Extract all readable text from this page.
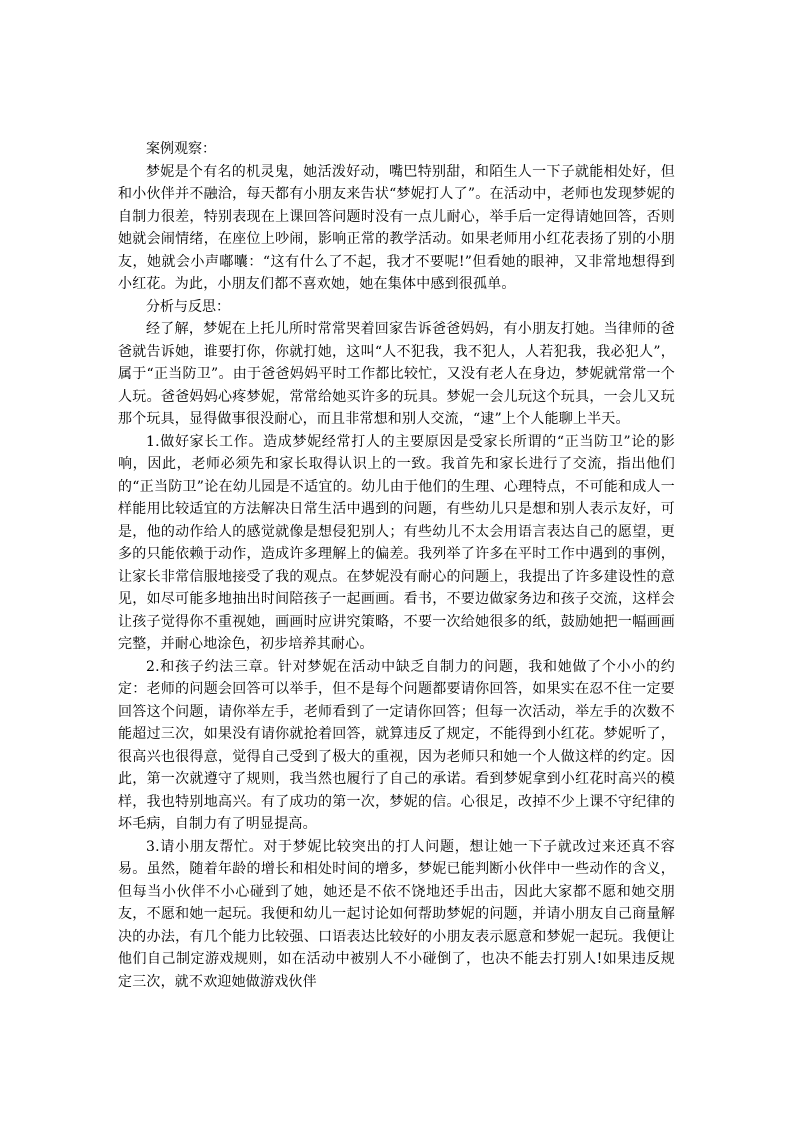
案例观察：

梦妮是个有名的机灵鬼，她活泼好动，嘴巴特别甜，和陌生人一下子就能相处好，但和小伙伴并不融洽，每天都有小朋友来告状“梦妮打人了”。在活动中，老师也发现梦妮的自制力很差，特别表现在上课回答问题时没有一点儿耐心，举手后一定得请她回答，否则她就会闹情绪，在座位上吵闹，影响正常的教学活动。如果老师用小红花表扬了别的小朋友，她就会小声嘟囔：“这有什么了不起，我才不要呢!”但看她的眼神，又非常地想得到小红花。为此，小朋友们都不喜欢她，她在集体中感到很孤单。

分析与反思：

经了解，梦妮在上托儿所时常常哭着回家告诉爸爸妈妈，有小朋友打她。当律师的爸爸就告诉她，谁要打你，你就打她，这叫“人不犯我，我不犯人，人若犯我，我必犯人”，属于“正当防卫”。由于爸爸妈妈平时工作都比较忙，又没有老人在身边，梦妮就常常一个人玩。爸爸妈妈心疼梦妮，常常给她买许多的玩具。梦妮一会儿玩这个玩具，一会儿又玩那个玩具，显得做事很没耐心，而且非常想和别人交流，“逮”上个人能聊上半天。

1.做好家长工作。造成梦妮经常打人的主要原因是受家长所谓的“正当防卫”论的影响，因此，老师必须先和家长取得认识上的一致。我首先和家长进行了交流，指出他们的“正当防卫”论在幼儿园是不适宜的。幼儿由于他们的生理、心理特点，不可能和成人一样能用比较适宜的方法解决日常生活中遇到的问题，有些幼儿只是想和别人表示友好，可是，他的动作给人的感觉就像是想侵犯别人；有些幼儿不太会用语言表达自己的愿望，更多的只能依赖于动作，造成许多理解上的偏差。我列举了许多在平时工作中遇到的事例，让家长非常信服地接受了我的观点。在梦妮没有耐心的问题上，我提出了许多建设性的意见，如尽可能多地抽出时间陪孩子一起画画。看书，不要边做家务边和孩子交流，这样会让孩子觉得你不重视她，画画时应讲究策略，不要一次给她很多的纸，鼓励她把一幅画画完整，并耐心地涂色，初步培养其耐心。

2.和孩子约法三章。针对梦妮在活动中缺乏自制力的问题，我和她做了个小小的约定：老师的问题会回答可以举手，但不是每个问题都要请你回答，如果实在忍不住一定要回答这个问题，请你举左手，老师看到了一定请你回答；但每一次活动，举左手的次数不能超过三次，如果没有请你就抢着回答，就算违反了规定，不能得到小红花。梦妮听了，很高兴也很得意，觉得自己受到了极大的重视，因为老师只和她一个人做这样的约定。因此，第一次就遵守了规则，我当然也履行了自己的承诺。看到梦妮拿到小红花时高兴的模样，我也特别地高兴。有了成功的第一次，梦妮的信。心很足，改掉不少上课不守纪律的坏毛病，自制力有了明显提高。

3.请小朋友帮忙。对于梦妮比较突出的打人问题，想让她一下子就改过来还真不容易。虽然，随着年龄的增长和相处时间的增多，梦妮已能判断小伙伴中一些动作的含义，但每当小伙伴不小心碰到了她，她还是不依不饶地还手出击，因此大家都不愿和她交朋友，不愿和她一起玩。我便和幼儿一起讨论如何帮助梦妮的问题，并请小朋友自己商量解决的办法，有几个能力比较强、口语表达比较好的小朋友表示愿意和梦妮一起玩。我便让他们自己制定游戏规则，如在活动中被别人不小碰倒了，也决不能去打别人!如果违反规定三次，就不欢迎她做游戏伙伴
